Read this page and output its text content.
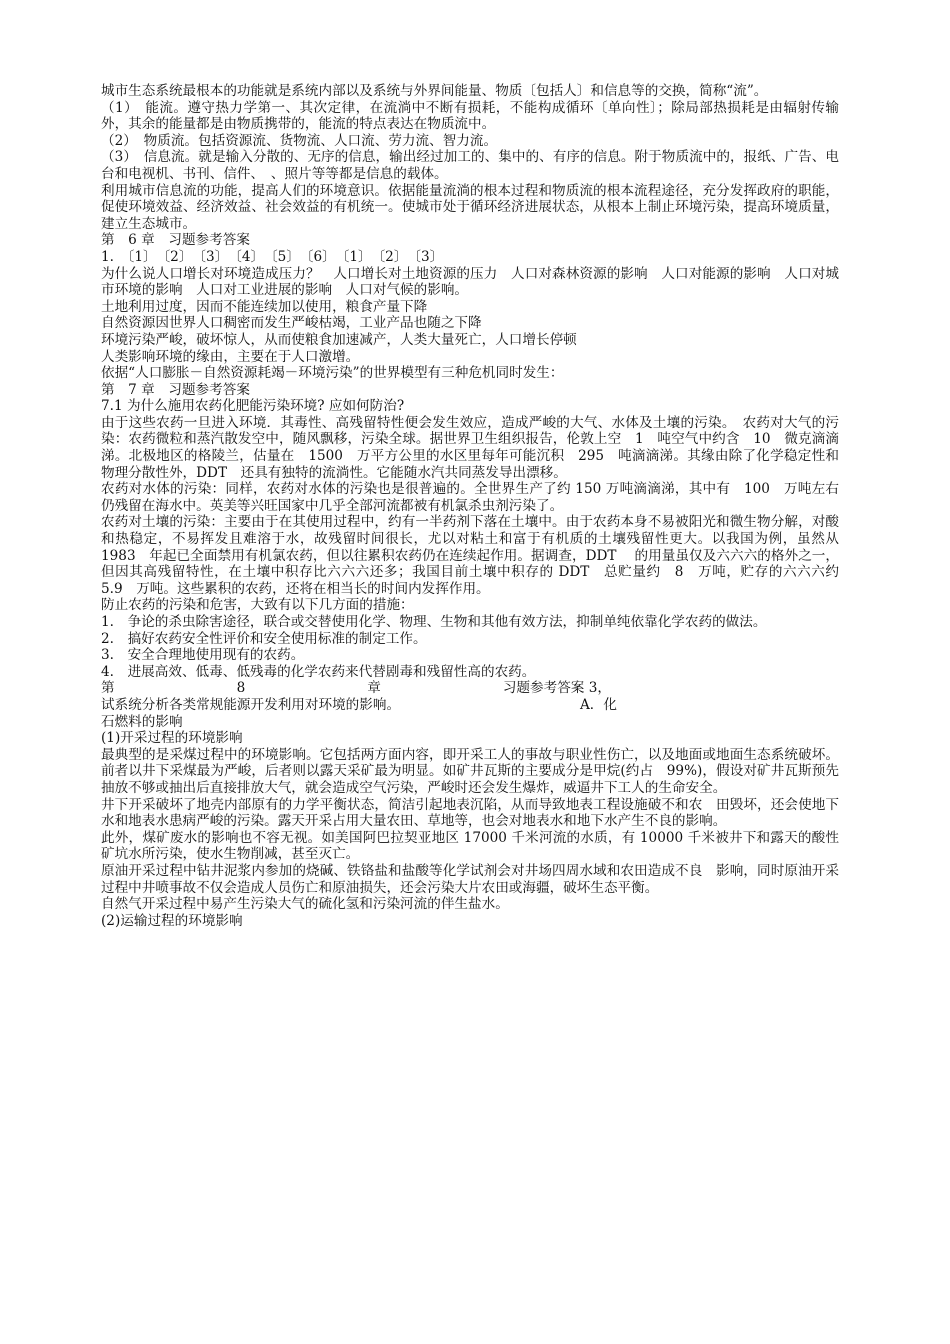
城市生态系统最根本的功能就是系统内部以及系统与外界间能量、物质〔包括人〕和信息等的交换，简称“流”。

（1）　能流。遵守热力学第一、其次定律，在流淌中不断有损耗，不能构成循环〔单向性〕；除局部热损耗是由辐射传输外，其余的能量都是由物质携带的，能流的特点表达在物质流中。

（2）　物质流。包括资源流、货物流、人口流、劳力流、智力流。

（3）　信息流。就是输入分散的、无序的信息，输出经过加工的、集中的、有序的信息。附于物质流中的，报纸、广告、电台和电视机、书刊、信件、　、照片等等都是信息的载体。

利用城市信息流的功能，提高人们的环境意识。依据能量流淌的根本过程和物质流的根本流程途径，充分发挥政府的职能，促使环境效益、经济效益、社会效益的有机统一。使城市处于循环经济进展状态，从根本上制止环境污染，提高环境质量，建立生态城市。

第　6 章　习题参考答案

1.　〔1〕　〔2〕　〔3〕　〔4〕　〔5〕　〔6〕　〔1〕　〔2〕　〔3〕

为什么说人口增长对环境造成压力？　人口增长对土地资源的压力　人口对森林资源的影响　人口对能源的影响　人口对城市环境的影响　人口对工业进展的影响　人口对气候的影响。

土地利用过度，因而不能连续加以使用，粮食产量下降

自然资源因世界人口稠密而发生严峻枯竭，工业产品也随之下降

环境污染严峻，破坏惊人，从而使粮食加速减产，人类大量死亡，人口增长停顿

人类影响环境的缘由，主要在于人口激增。

依据“人口膨胀－自然资源耗竭－环境污染”的世界模型有三种危机同时发生：

第　7 章　习题参考答案

7.1 为什么施用农药化肥能污染环境? 应如何防治?

由于这些农药一旦进入环境．其毒性、高残留特性便会发生效应，造成严峻的大气、水体及土壤的污染。　农药对大气的污染：农药微粒和蒸汽散发空中，随风飘移，污染全球。据世界卫生组织报告，伦敦上空　1　吨空气中约含　10　微克滴滴涕。北极地区的格陵兰，估量在　1500　万平方公里的水区里每年可能沉积　295　吨滴滴涕。其缘由除了化学稳定性和物理分散性外，DDT　还具有独特的流淌性。它能随水汽共同蒸发导出漂移。

农药对水体的污染：同样，农药对水体的污染也是很普遍的。全世界生产了约 150 万吨滴滴涕，其中有　100　万吨左右仍残留在海水中。英美等兴旺国家中几乎全部河流都被有机氯杀虫剂污染了。

农药对土壤的污染：主要由于在其使用过程中，约有一半药剂下落在土壤中。由于农药本身不易被阳光和微生物分解，对酸和热稳定，不易挥发且难溶于水，故残留时间很长，尤以对粘土和富于有机质的土壤残留性更大。以我国为例，虽然从　1983　年起已全面禁用有机氯农药，但以往累积农药仍在连续起作用。据调查，DDT　 的用量虽仅及六六六的格外之一，但因其高残留特性，在土壤中积存比六六六还多；我国目前土壤中积存的 DDT　总贮量约　8　万吨，贮存的六六六约　5.9　万吨。这些累积的农药，还将在相当长的时间内发挥作用。

防止农药的污染和危害，大致有以下几方面的措施：

1.　争论的杀虫除害途径，联合或交替使用化学、物理、生物和其他有效方法，抑制单纯依靠化学农药的做法。

2.　搞好农药安全性评价和安全使用标准的制定工作。

3.　安全合理地使用现有的农药。

4.　进展高效、低毒、低残毒的化学农药来代替剧毒和残留性高的农药。

第	8	章	习题参考答案 3，

试系统分析各类常规能源开发利用对环境的影响。	A．化

石燃料的影响

(1)开采过程的环境影响

最典型的是采煤过程中的环境影响。它包括两方面内容，即开采工人的事故与职业性伤亡，以及地面或地面生态系统破坏。前者以井下采煤最为严峻，后者则以露天采矿最为明显。如矿井瓦斯的主要成分是甲烷(约占　99%)，假设对矿井瓦斯预先抽放不够或抽出后直接排放大气，就会造成空气污染，严峻时还会发生爆炸，威逼井下工人的生命安全。

井下开采破坏了地壳内部原有的力学平衡状态，简洁引起地表沉陷，从而导致地表工程设施破不和农　田毁坏，还会使地下水和地表水患病严峻的污染。露天开采占用大量农田、草地等，也会对地表水和地下水产生不良的影响。

此外，煤矿废水的影响也不容无视。如美国阿巴拉契亚地区 17000 千米河流的水质，有 10000 千米被井下和露天的酸性矿坑水所污染，使水生物削减，甚至灭亡。

原油开采过程中钻井泥浆内参加的烧碱、铁铬盐和盐酸等化学试剂会对井场四周水域和农田造成不良　影响，同时原油开采过程中井喷事故不仅会造成人员伤亡和原油损失，还会污染大片农田或海疆，破坏生态平衡。

自然气开采过程中易产生污染大气的硫化氢和污染河流的伴生盐水。

(2)运输过程的环境影响
